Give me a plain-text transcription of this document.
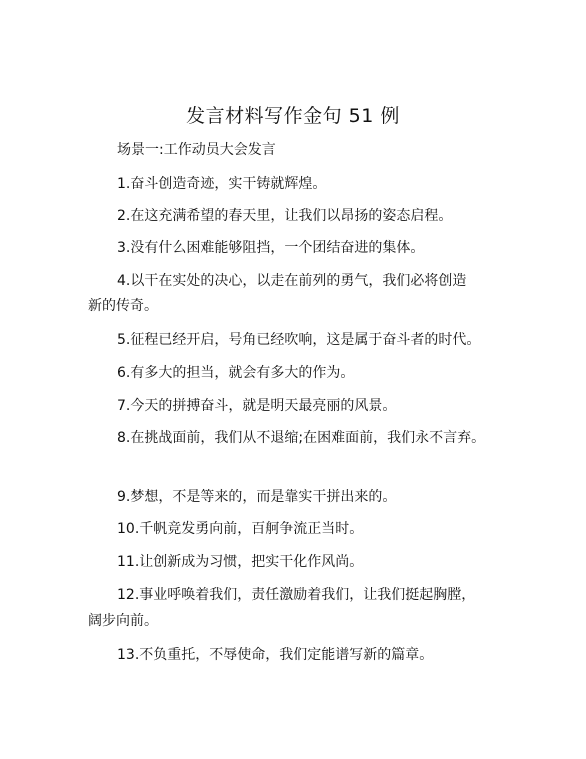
发言材料写作金句 51 例
场景一:工作动员大会发言
1.奋斗创造奇迹，实干铸就辉煌。
2.在这充满希望的春天里，让我们以昂扬的姿态启程。
3.没有什么困难能够阻挡，一个团结奋进的集体。
4.以干在实处的决心，以走在前列的勇气，我们必将创造
新的传奇。
5.征程已经开启，号角已经吹响，这是属于奋斗者的时代。
6.有多大的担当，就会有多大的作为。
7.今天的拼搏奋斗，就是明天最亮丽的风景。
8.在挑战面前，我们从不退缩;在困难面前，我们永不言弃。
9.梦想，不是等来的，而是靠实干拼出来的。
10.千帆竞发勇向前，百舸争流正当时。
11.让创新成为习惯，把实干化作风尚。
12.事业呼唤着我们，责任激励着我们，让我们挺起胸膛，
阔步向前。
13.不负重托，不辱使命，我们定能谱写新的篇章。
